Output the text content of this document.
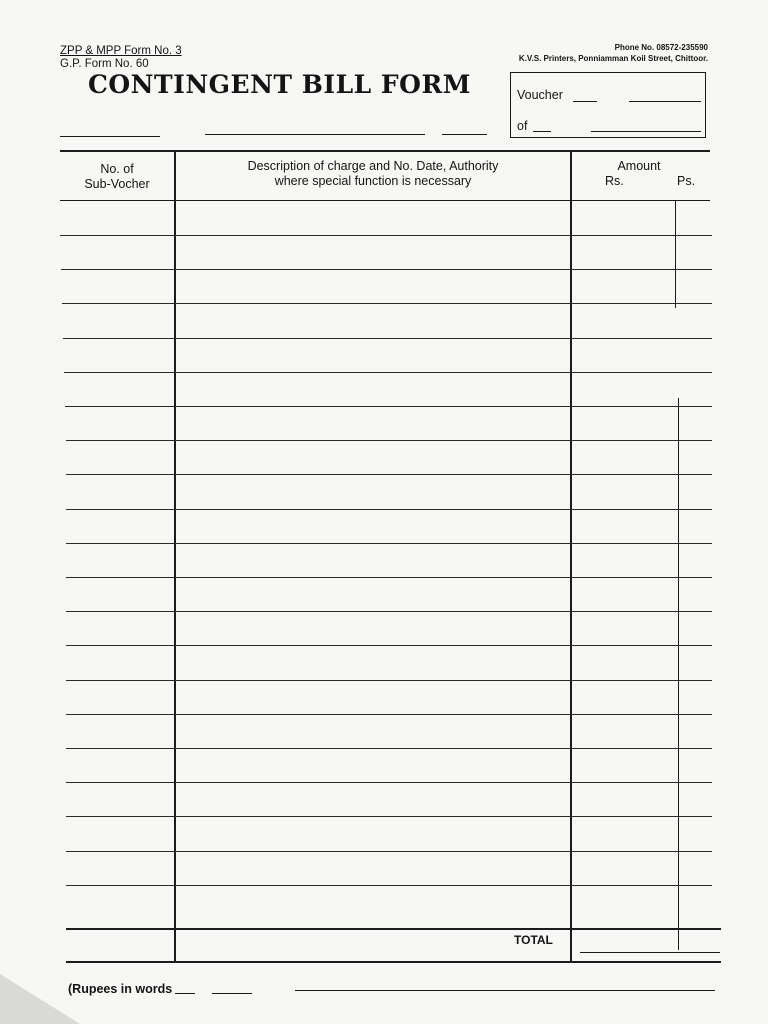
ZPP & MPP Form No. 3
G.P. Form No. 60
Phone No. 08572-235590
K.V.S. Printers, Ponniamman Koil Street, Chittoor.
CONTINGENT BILL FORM	Voucher
of
No. of
Sub-Vocher
Description of charge and No. Date, Authority
where special function is necessary
Amount
Rs.	Ps.
TOTAL
(Rupees in words
